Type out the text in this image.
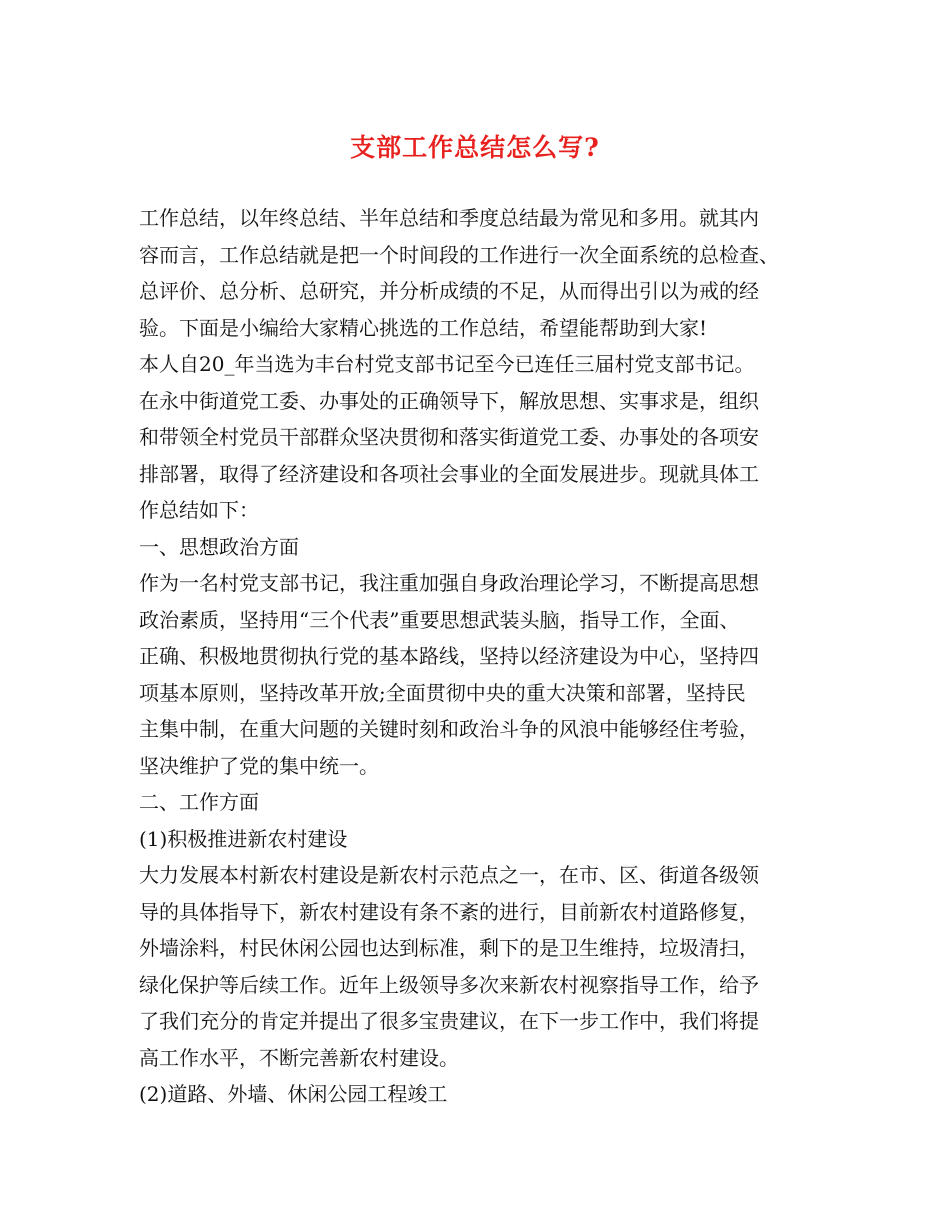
支部工作总结怎么写?
工作总结，以年终总结、半年总结和季度总结最为常见和多用。就其内
容而言，工作总结就是把一个时间段的工作进行一次全面系统的总检查、
总评价、总分析、总研究，并分析成绩的不足，从而得出引以为戒的经
验。下面是小编给大家精心挑选的工作总结，希望能帮助到大家!
本人自20_年当选为丰台村党支部书记至今已连任三届村党支部书记。
在永中街道党工委、办事处的正确领导下，解放思想、实事求是，组织
和带领全村党员干部群众坚决贯彻和落实街道党工委、办事处的各项安
排部署，取得了经济建设和各项社会事业的全面发展进步。现就具体工
作总结如下：
一、思想政治方面
作为一名村党支部书记，我注重加强自身政治理论学习，不断提高思想
政治素质，坚持用“三个代表”重要思想武装头脑，指导工作，全面、
正确、积极地贯彻执行党的基本路线，坚持以经济建设为中心，坚持四
项基本原则，坚持改革开放;全面贯彻中央的重大决策和部署，坚持民
主集中制，在重大问题的关键时刻和政治斗争的风浪中能够经住考验，
坚决维护了党的集中统一。
二、工作方面
(1)积极推进新农村建设
大力发展本村新农村建设是新农村示范点之一，在市、区、街道各级领
导的具体指导下，新农村建设有条不紊的进行，目前新农村道路修复，
外墙涂料，村民休闲公园也达到标准，剩下的是卫生维持，垃圾清扫，
绿化保护等后续工作。近年上级领导多次来新农村视察指导工作，给予
了我们充分的肯定并提出了很多宝贵建议，在下一步工作中，我们将提
高工作水平，不断完善新农村建设。
(2)道路、外墙、休闲公园工程竣工
